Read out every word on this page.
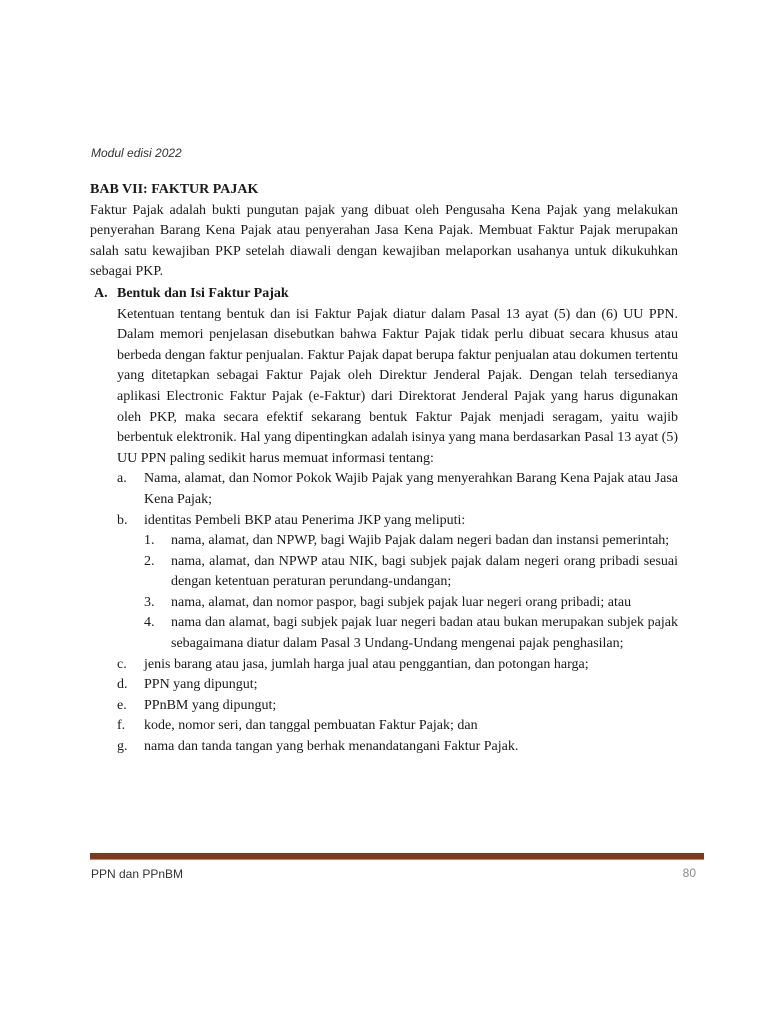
Modul edisi 2022

BAB VII: FAKTUR PAJAK

Faktur Pajak adalah bukti pungutan pajak yang dibuat oleh Pengusaha Kena Pajak yang melakukan penyerahan Barang Kena Pajak atau penyerahan Jasa Kena Pajak. Membuat Faktur Pajak merupakan salah satu kewajiban PKP setelah diawali dengan kewajiban melaporkan usahanya untuk dikukuhkan sebagai PKP.

A. Bentuk dan Isi Faktur Pajak

Ketentuan tentang bentuk dan isi Faktur Pajak diatur dalam Pasal 13 ayat (5) dan (6) UU PPN. Dalam memori penjelasan disebutkan bahwa Faktur Pajak tidak perlu dibuat secara khusus atau berbeda dengan faktur penjualan. Faktur Pajak dapat berupa faktur penjualan atau dokumen tertentu yang ditetapkan sebagai Faktur Pajak oleh Direktur Jenderal Pajak. Dengan telah tersedianya aplikasi Electronic Faktur Pajak (e-Faktur) dari Direktorat Jenderal Pajak yang harus digunakan oleh PKP, maka secara efektif sekarang bentuk Faktur Pajak menjadi seragam, yaitu wajib berbentuk elektronik. Hal yang dipentingkan adalah isinya yang mana berdasarkan Pasal 13 ayat (5) UU PPN paling sedikit harus memuat informasi tentang:

a.	Nama, alamat, dan Nomor Pokok Wajib Pajak yang menyerahkan Barang Kena Pajak atau Jasa Kena Pajak;
b.	identitas Pembeli BKP atau Penerima JKP yang meliputi:
1.	nama, alamat, dan NPWP, bagi Wajib Pajak dalam negeri badan dan instansi pemerintah;
2.	nama, alamat, dan NPWP atau NIK, bagi subjek pajak dalam negeri orang pribadi sesuai dengan ketentuan peraturan perundang-undangan;
3.	nama, alamat, dan nomor paspor, bagi subjek pajak luar negeri orang pribadi; atau
4.	nama dan alamat, bagi subjek pajak luar negeri badan atau bukan merupakan subjek pajak sebagaimana diatur dalam Pasal 3 Undang-Undang mengenai pajak penghasilan;
c.	jenis barang atau jasa, jumlah harga jual atau penggantian, dan potongan harga;
d.	PPN yang dipungut;
e.	PPnBM yang dipungut;
f.	kode, nomor seri, dan tanggal pembuatan Faktur Pajak; dan
g.	nama dan tanda tangan yang berhak menandatangani Faktur Pajak.
PPN dan PPnBM	80
